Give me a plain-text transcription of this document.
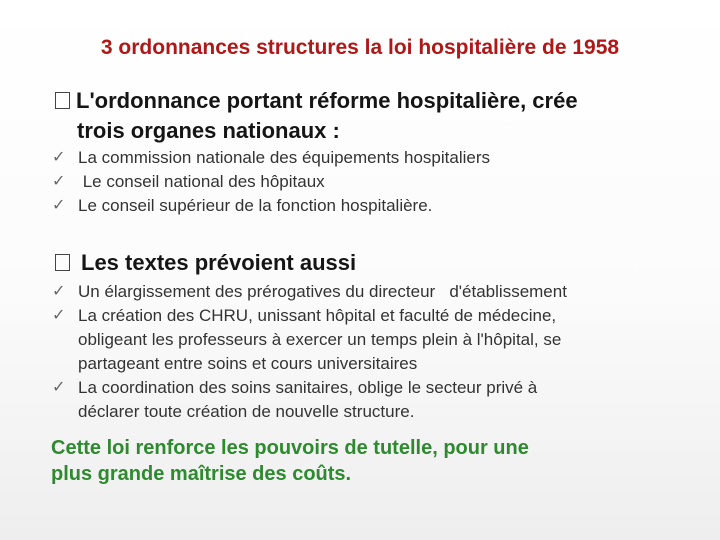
3 ordonnances structures la loi hospitalière de 1958
L'ordonnance portant réforme hospitalière, crée
trois organes nationaux :
✓ La commission nationale des équipements hospitaliers
✓ Le conseil national des hôpitaux
✓ Le conseil supérieur de la fonction hospitalière.
Les textes prévoient aussi
✓ Un élargissement des prérogatives du directeur   d'établissement
✓ La création des CHRU, unissant hôpital et faculté de médecine,
obligeant les professeurs à exercer un temps plein à l'hôpital, se
partageant entre soins et cours universitaires
✓ La coordination des soins sanitaires, oblige le secteur privé à
déclarer toute création de nouvelle structure.
Cette loi renforce les pouvoirs de tutelle, pour une
plus grande maîtrise des coûts.
